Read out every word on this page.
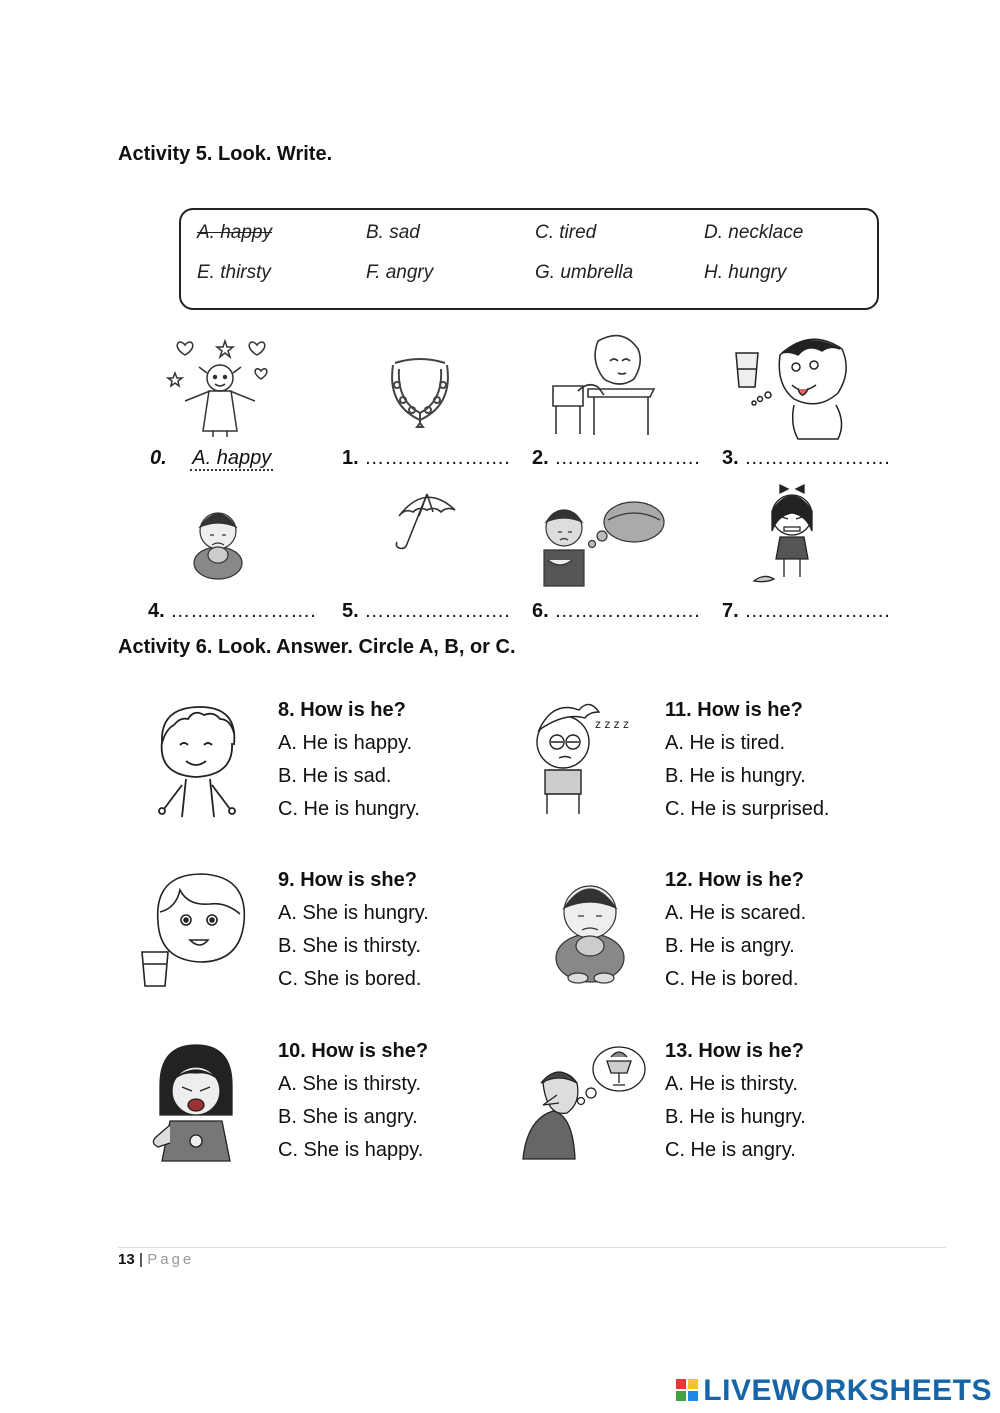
Activity 5. Look. Write.
A. happy	B. sad	C. tired	D. necklace
E. thirsty	F. angry	G. umbrella	H. hungry
0. A. happy	1. …………………. 2. …………………. 3. ………………….
4. …………………. 5. …………………. 6. …………………. 7. ………………….
Activity 6. Look. Answer. Circle A, B, or C.
z z z z
8. How is he?
A. He is happy.
B. He is sad.
C. He is hungry.
9. How is she?
A. She is hungry.
B. She is thirsty.
C. She is bored.
10. How is she?
A. She is thirsty.
B. She is angry.
C. She is happy.
11. How is he?
A. He is tired.
B. He is hungry.
C. He is surprised.
12. How is he?
A. He is scared.
B. He is angry.
C. He is bored.
13. How is he?
A. He is thirsty.
B. He is hungry.
C. He is angry.
13 | Page
LIVEWORKSHEETS
